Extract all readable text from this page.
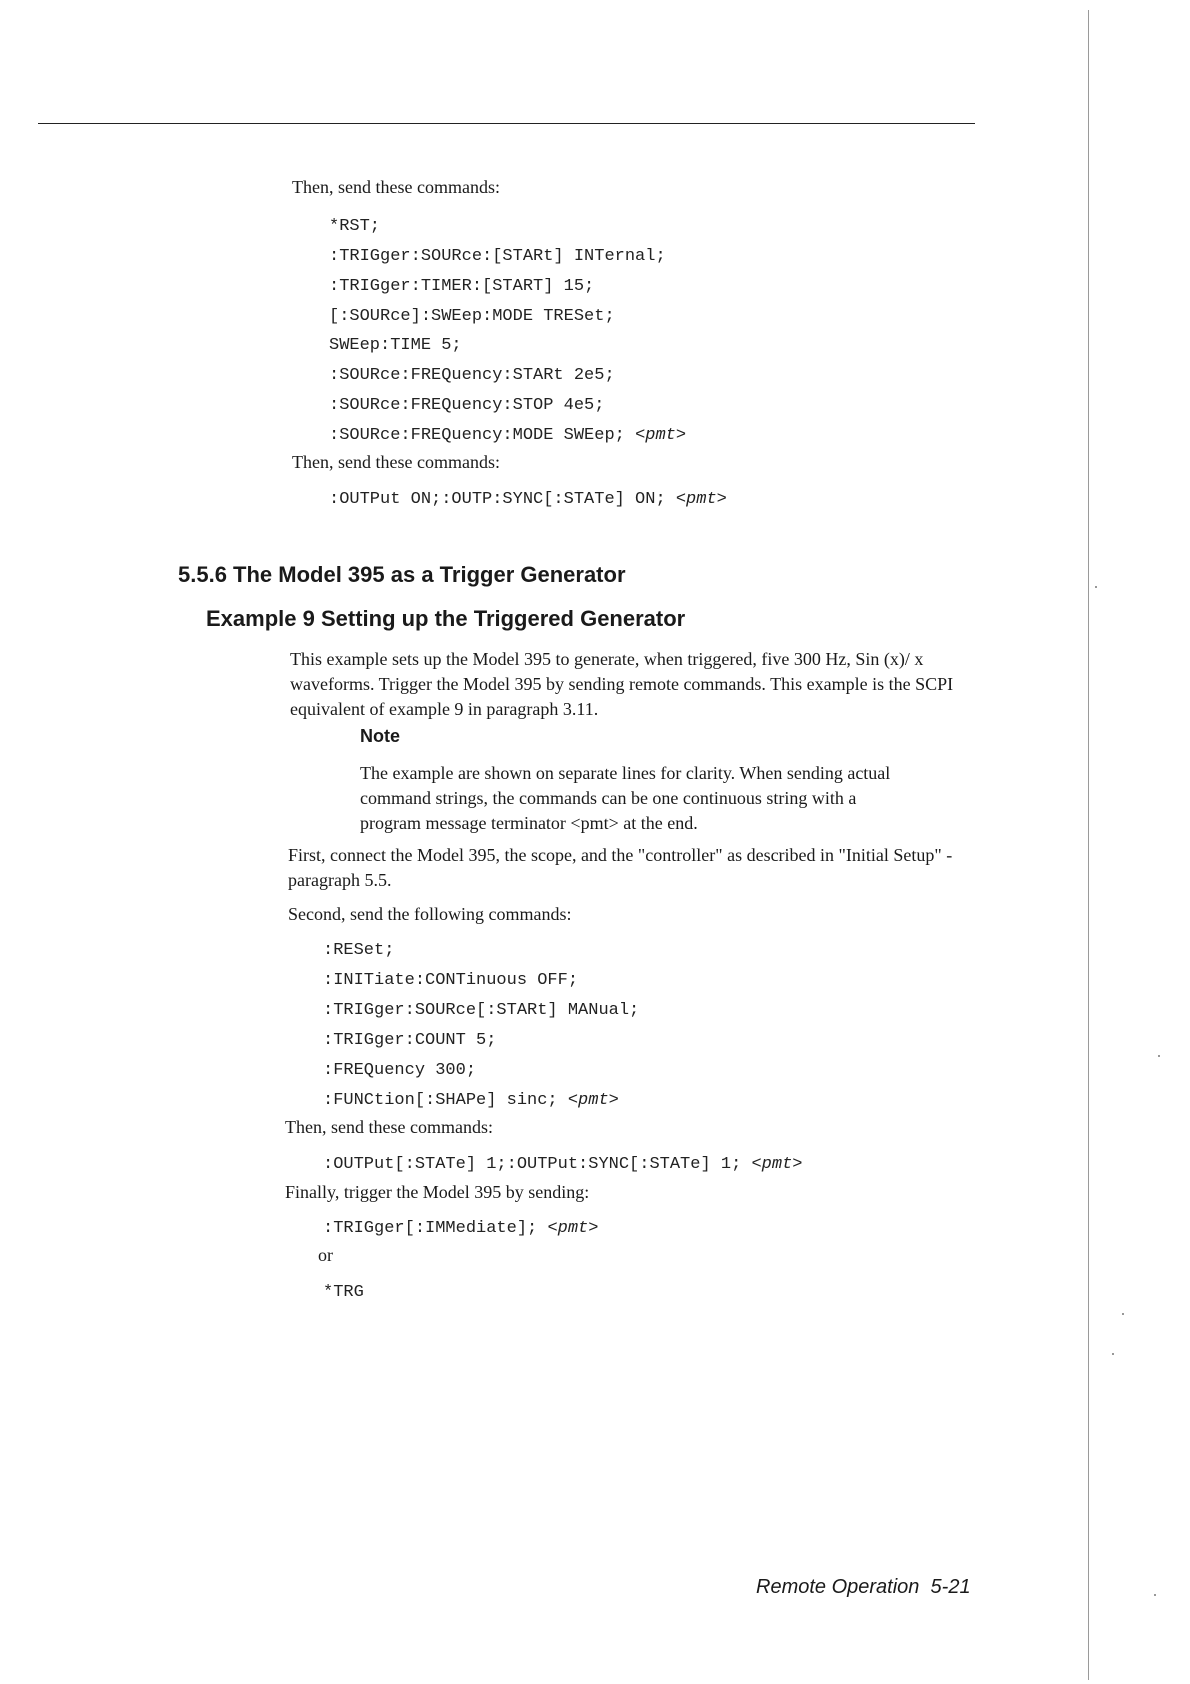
Then, send these commands:
*RST;
:TRIGger:SOURce:[STARt] INTernal;
:TRIGger:TIMER:[START] 15;
[:SOURce]:SWEep:MODE TRESet;
SWEep:TIME 5;
:SOURce:FREQuency:STARt 2e5;
:SOURce:FREQuency:STOP 4e5;
:SOURce:FREQuency:MODE SWEep; <pmt>
Then, send these commands:
:OUTPut ON;:OUTP:SYNC[:STATe] ON; <pmt>
5.5.6 The Model 395 as a Trigger Generator
Example 9 Setting up the Triggered Generator
This example sets up the Model 395 to generate, when triggered, five 300 Hz, Sin (x)/ x waveforms. Trigger the Model 395 by sending remote commands. This example is the SCPI equivalent of example 9 in paragraph 3.11.
Note
The example are shown on separate lines for clarity. When sending actual command strings, the commands can be one continuous string with a program message terminator <pmt> at the end.
First, connect the Model 395, the scope, and the "controller" as described in "Initial Setup" - paragraph 5.5.
Second, send the following commands:
:RESet;
:INITiate:CONTinuous OFF;
:TRIGger:SOURce[:STARt] MANual;
:TRIGger:COUNT 5;
:FREQuency 300;
:FUNCtion[:SHAPe] sinc; <pmt>
Then, send these commands:
:OUTPut[:STATe] 1;:OUTPut:SYNC[:STATe] 1; <pmt>
Finally, trigger the Model 395 by sending:
:TRIGger[:IMMediate]; <pmt>
or
*TRG
Remote Operation 5-21
